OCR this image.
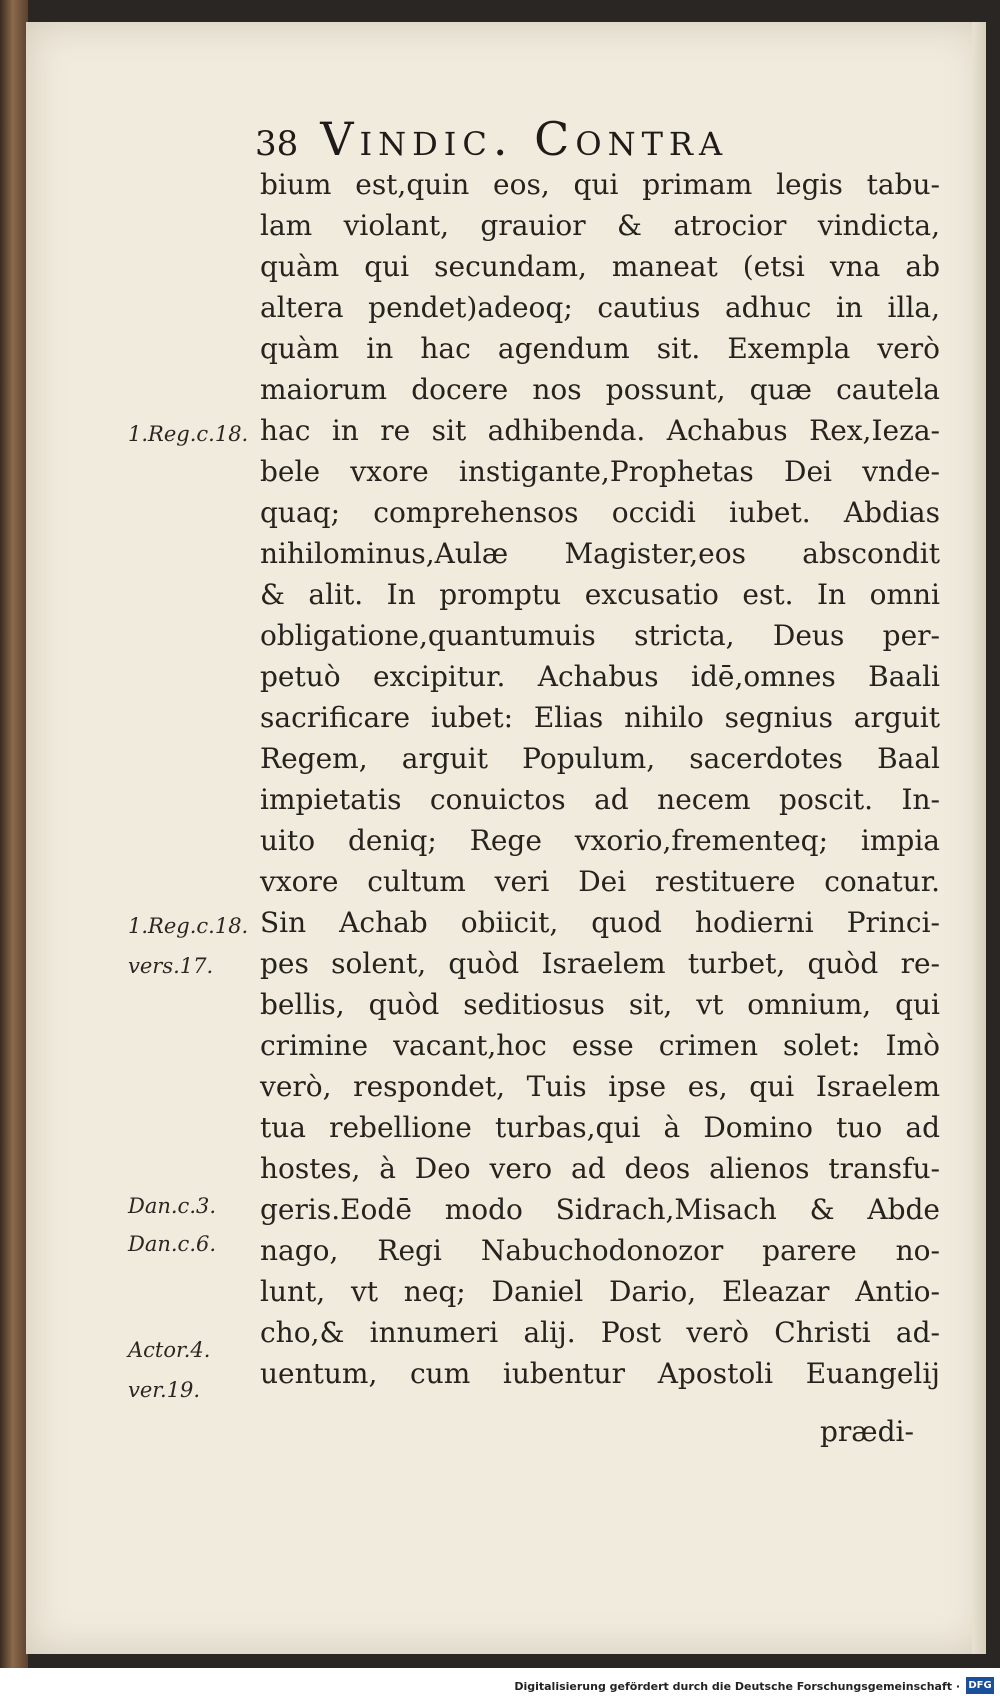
38 Vindic. Contra
bium est,quin eos, qui primam legis tabu-
lam violant, grauior & atrocior vindicta,
quàm qui secundam, maneat (etsi vna ab
altera pendet)adeoq; cautius adhuc in illa,
quàm in hac agendum sit. Exempla verò
maiorum docere nos possunt, quæ cautela
hac in re sit adhibenda. Achabus Rex,Ieza-
bele vxore instigante,Prophetas Dei vnde-
quaq; comprehensos occidi iubet. Abdias
nihilominus,Aulæ Magister,eos abscondit
& alit. In promptu excusatio est. In omni
obligatione,quantumuis stricta, Deus per-
petuò excipitur. Achabus idē,omnes Baali
sacrificare iubet: Elias nihilo segnius arguit
Regem, arguit Populum, sacerdotes Baal
impietatis conuictos ad necem poscit. In-
uito deniq; Rege vxorio,frementeq; impia
vxore cultum veri Dei restituere conatur.
Sin Achab obiicit, quod hodierni Princi-
pes solent, quòd Israelem turbet, quòd re-
bellis, quòd seditiosus sit, vt omnium, qui
crimine vacant,hoc esse crimen solet: Imò
verò, respondet, Tuis ipse es, qui Israelem
tua rebellione turbas,qui à Domino tuo ad
hostes, à Deo vero ad deos alienos transfu-
geris.Eodē modo Sidrach,Misach & Abde
nago, Regi Nabuchodonozor parere no-
lunt, vt neq; Daniel Dario, Eleazar Antio-
cho,& innumeri alij. Post verò Christi ad-
uentum, cum iubentur Apostoli Euangelij
prædi-
1.Reg.c.18.
1.Reg.c.18.
vers.17.
Dan.c.3.
Dan.c.6.
Actor.4.
ver.19.
Digitalisierung gefördert durch die Deutsche Forschungsgemeinschaft · DFG
